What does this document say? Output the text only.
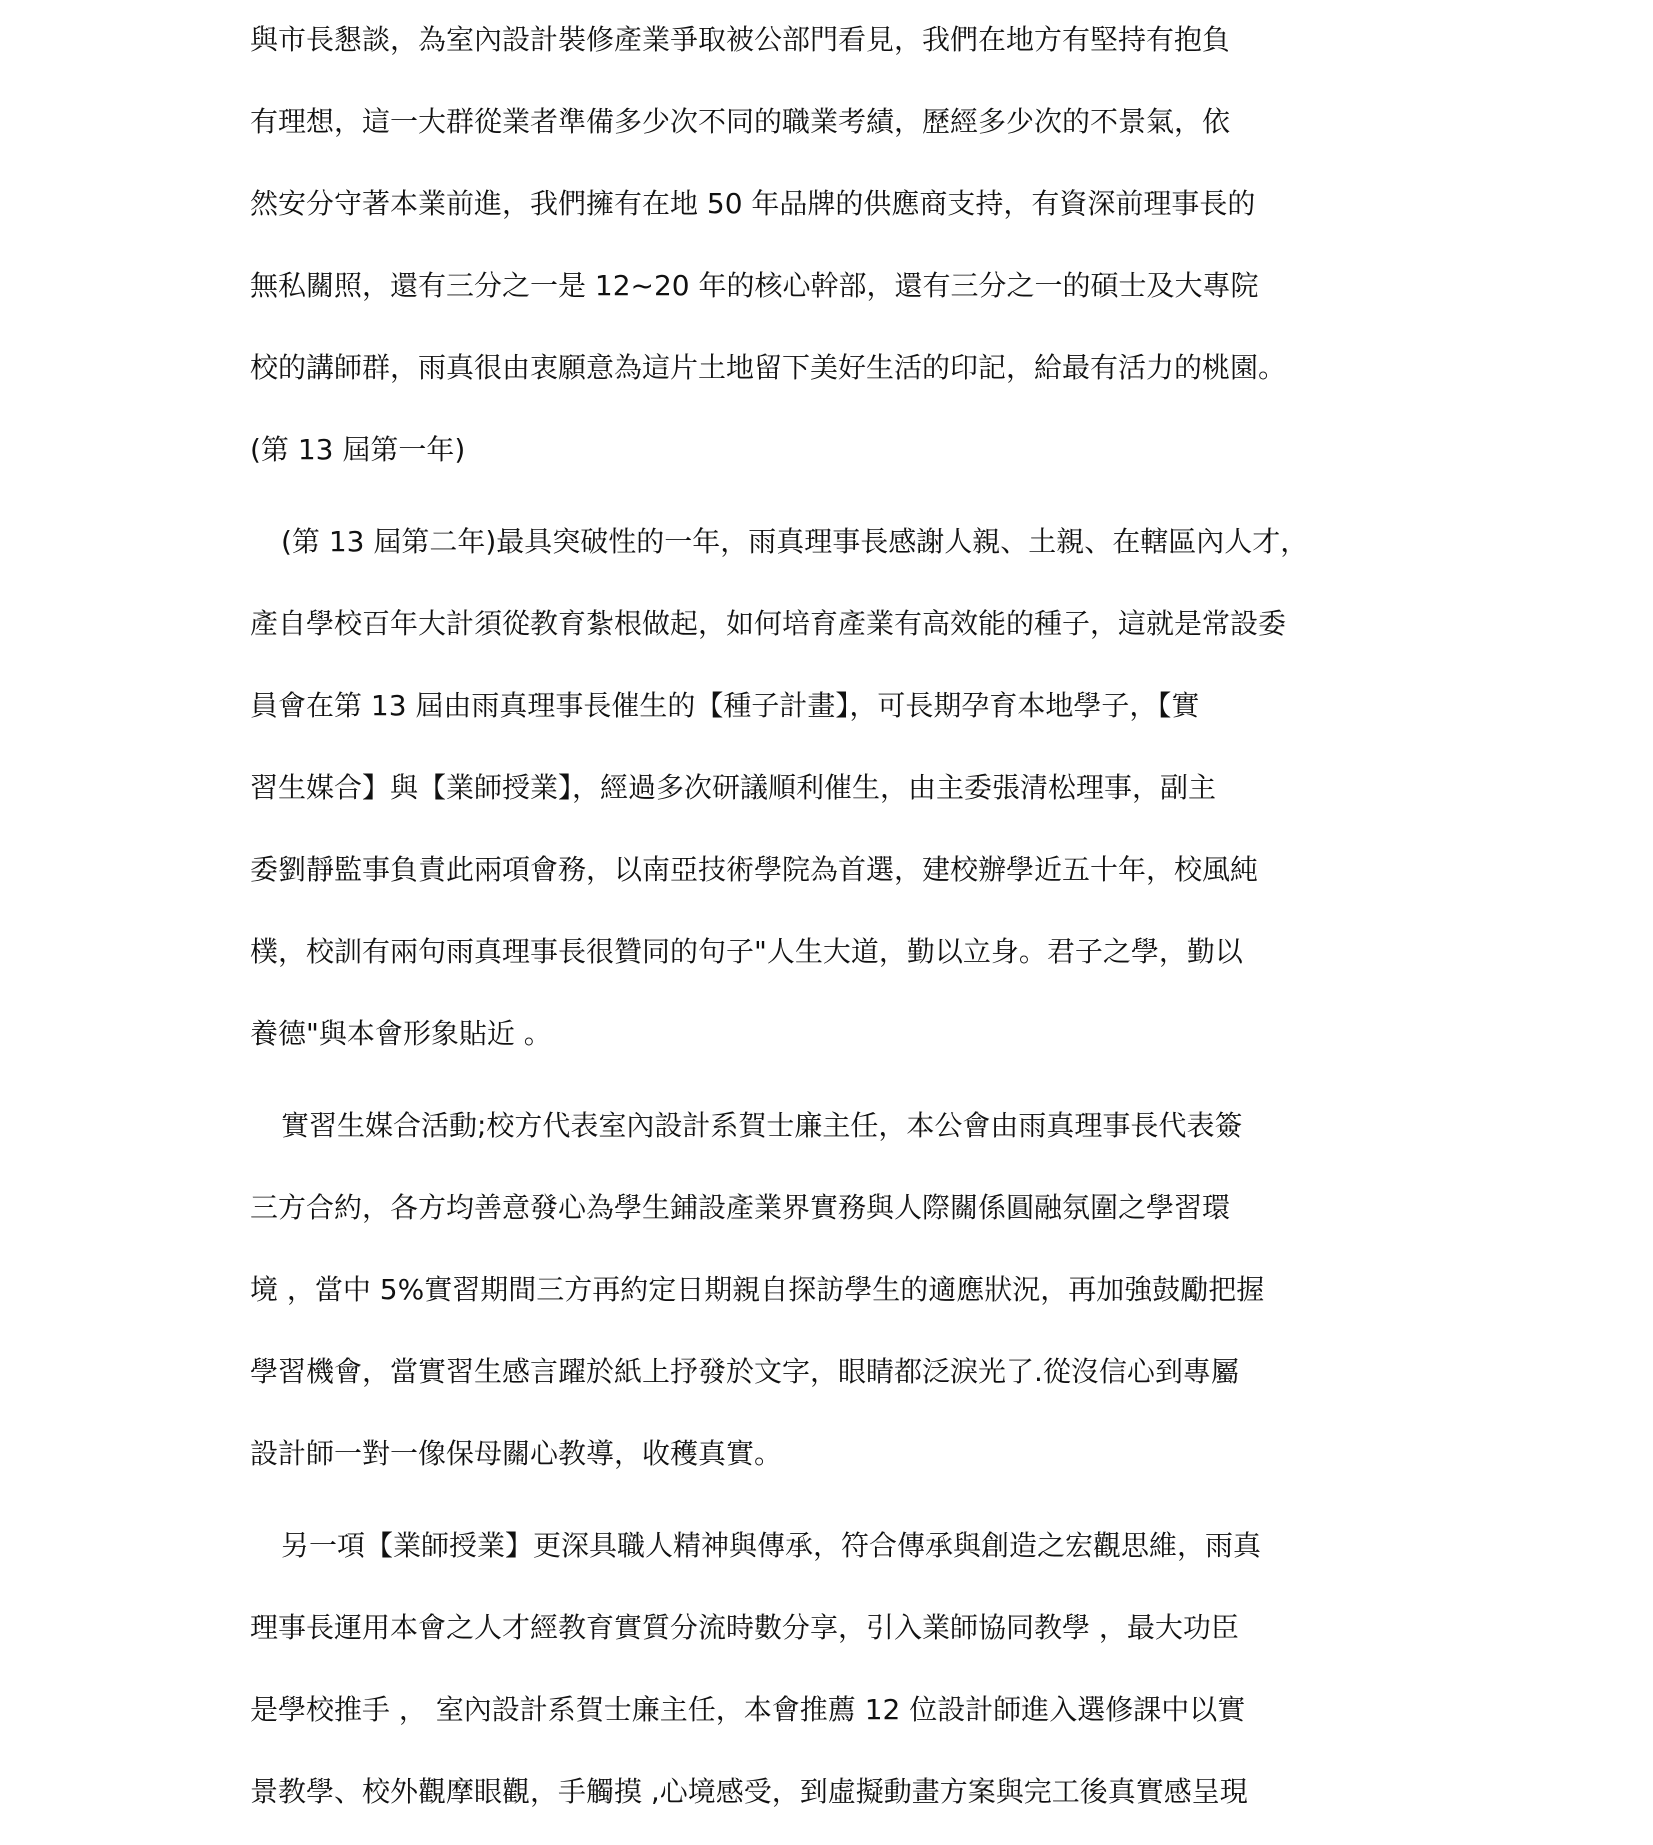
與市長懇談，為室內設計裝修產業爭取被公部門看見，我們在地方有堅持有抱負
有理想，這一大群從業者準備多少次不同的職業考績，歷經多少次的不景氣，依
然安分守著本業前進，我們擁有在地 50 年品牌的供應商支持，有資深前理事長的
無私關照，還有三分之一是 12~20 年的核心幹部，還有三分之一的碩士及大專院
校的講師群，雨真很由衷願意為這片土地留下美好生活的印記，給最有活力的桃園。
(第 13 屆第一年)
(第 13 屆第二年)最具突破性的一年，雨真理事長感謝人親、土親、在轄區內人才，
產自學校百年大計須從教育紮根做起，如何培育產業有高效能的種子，這就是常設委
員會在第 13 屆由雨真理事長催生的【種子計畫】，可長期孕育本地學子，【實
習生媒合】與【業師授業】，經過多次研議順利催生，由主委張清松理事，副主
委劉靜監事負責此兩項會務，以南亞技術學院為首選，建校辦學近五十年，校風純
樸，校訓有兩句雨真理事長很贊同的句子"人生大道，勤以立身。君子之學，勤以
養德"與本會形象貼近 。
實習生媒合活動;校方代表室內設計系賀士廉主任，本公會由雨真理事長代表簽
三方合約，各方均善意發心為學生鋪設產業界實務與人際關係圓融氛圍之學習環
境 ，當中 5%實習期間三方再約定日期親自探訪學生的適應狀況，再加強鼓勵把握
學習機會，當實習生感言躍於紙上抒發於文字，眼睛都泛淚光了.從沒信心到專屬
設計師一對一像保母關心教導，收穫真實。
另一項【業師授業】更深具職人精神與傳承，符合傳承與創造之宏觀思維，雨真
理事長運用本會之人才經教育實質分流時數分享，引入業師協同教學 ，最大功臣
是學校推手 ， 室內設計系賀士廉主任，本會推薦 12 位設計師進入選修課中以實
景教學、校外觀摩眼觀，手觸摸 ,心境感受，到虛擬動畫方案與完工後真實感呈現
